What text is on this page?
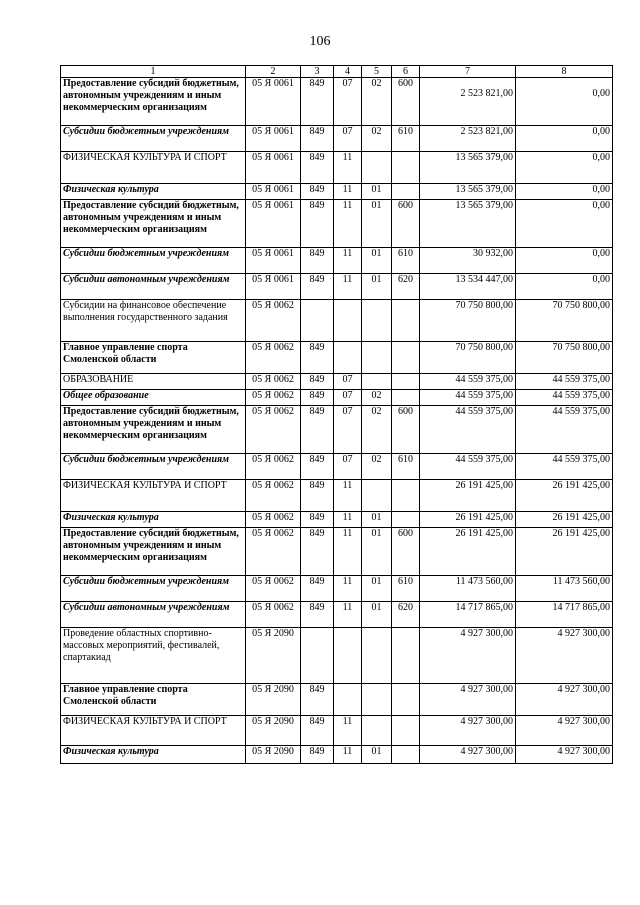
106
1	2	3	4	5	6	7	8
Предоставление субсидий бюджетным, автономным учреждениям и иным некоммерческим организациям	05 Я 0061	849	07	02	600	2 523 821,00	0,00
Субсидии бюджетным учреждениям	05 Я 0061	849	07	02	610	2 523 821,00	0,00
ФИЗИЧЕСКАЯ КУЛЬТУРА И СПОРТ	05 Я 0061	849	11			13 565 379,00	0,00
Физическая культура	05 Я 0061	849	11	01		13 565 379,00	0,00
Предоставление субсидий бюджетным, автономным учреждениям и иным некоммерческим организациям	05 Я 0061	849	11	01	600	13 565 379,00	0,00
Субсидии бюджетным учреждениям	05 Я 0061	849	11	01	610	30 932,00	0,00
Субсидии автономным учреждениям	05 Я 0061	849	11	01	620	13 534 447,00	0,00
Субсидии на финансовое обеспечение выполнения государственного задания	05 Я 0062					70 750 800,00	70 750 800,00
Главное управление спорта Смоленской области	05 Я 0062	849				70 750 800,00	70 750 800,00
ОБРАЗОВАНИЕ	05 Я 0062	849	07			44 559 375,00	44 559 375,00
Общее образование	05 Я 0062	849	07	02		44 559 375,00	44 559 375,00
Предоставление субсидий бюджетным, автономным учреждениям и иным некоммерческим организациям	05 Я 0062	849	07	02	600	44 559 375,00	44 559 375,00
Субсидии бюджетным учреждениям	05 Я 0062	849	07	02	610	44 559 375,00	44 559 375,00
ФИЗИЧЕСКАЯ КУЛЬТУРА И СПОРТ	05 Я 0062	849	11			26 191 425,00	26 191 425,00
Физическая культура	05 Я 0062	849	11	01		26 191 425,00	26 191 425,00
Предоставление субсидий бюджетным, автономным учреждениям и иным некоммерческим организациям	05 Я 0062	849	11	01	600	26 191 425,00	26 191 425,00
Субсидии бюджетным учреждениям	05 Я 0062	849	11	01	610	11 473 560,00	11 473 560,00
Субсидии автономным учреждениям	05 Я 0062	849	11	01	620	14 717 865,00	14 717 865,00
Проведение областных спортивно-массовых мероприятий, фестивалей, спартакиад	05 Я 2090					4 927 300,00	4 927 300,00
Главное управление спорта Смоленской области	05 Я 2090	849				4 927 300,00	4 927 300,00
ФИЗИЧЕСКАЯ КУЛЬТУРА И СПОРТ	05 Я 2090	849	11			4 927 300,00	4 927 300,00
Физическая культура	05 Я 2090	849	11	01		4 927 300,00	4 927 300,00
